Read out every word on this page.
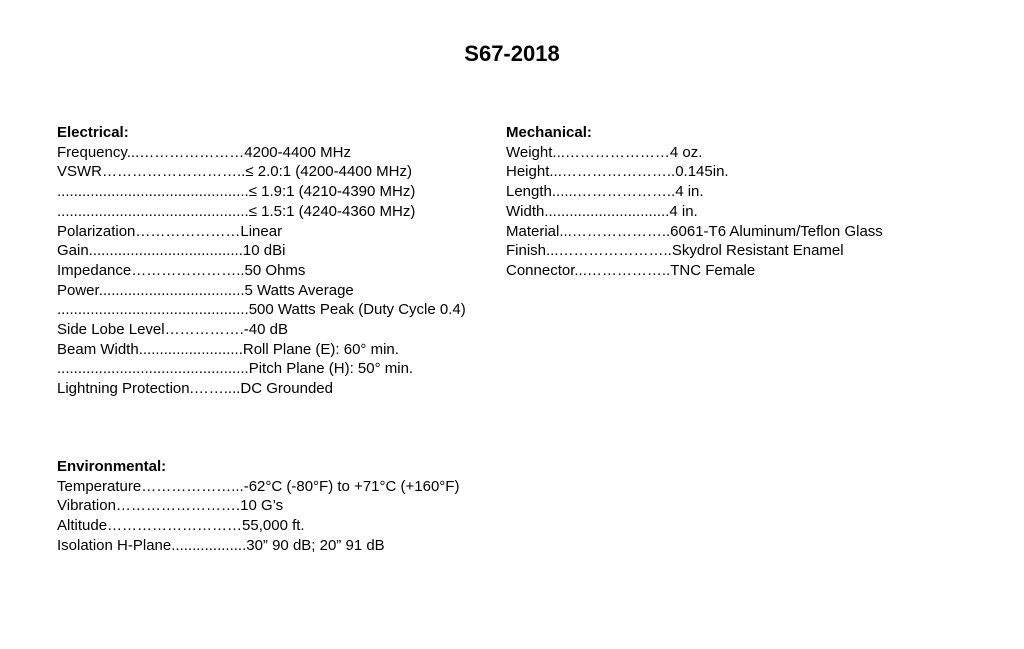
S67-2018
Electrical:
Frequency...…………………4200-4400 MHz
VSWR………………………..≤ 2.0:1 (4200-4400 MHz)
..............................................≤ 1.9:1 (4210-4390 MHz)
..............................................≤ 1.5:1 (4240-4360 MHz)
Polarization…………………Linear
Gain.....................................10 dBi
Impedance…………………..50 Ohms
Power...................................5 Watts Average
..............................................500 Watts Peak (Duty Cycle 0.4)
Side Lobe Level…………….-40 dB
Beam Width.........................Roll Plane (E): 60° min.
..............................................Pitch Plane (H): 50° min.
Lightning Protection.……....DC Grounded
Mechanical:
Weight...…………………4 oz.
Height...…………………..0.145in.
Length......………………..4 in.
Width..............................4 in.
Material...………………..6061-T6 Aluminum/Teflon Glass
Finish...…………………..Skydrol Resistant Enamel
Connector...……………..TNC Female
Environmental:
Temperature………………...-62°C (-80°F) to +71°C (+160°F)
Vibration…………………….10 G’s
Altitude………………………55,000 ft.
Isolation H-Plane..................30” 90 dB; 20” 91 dB
